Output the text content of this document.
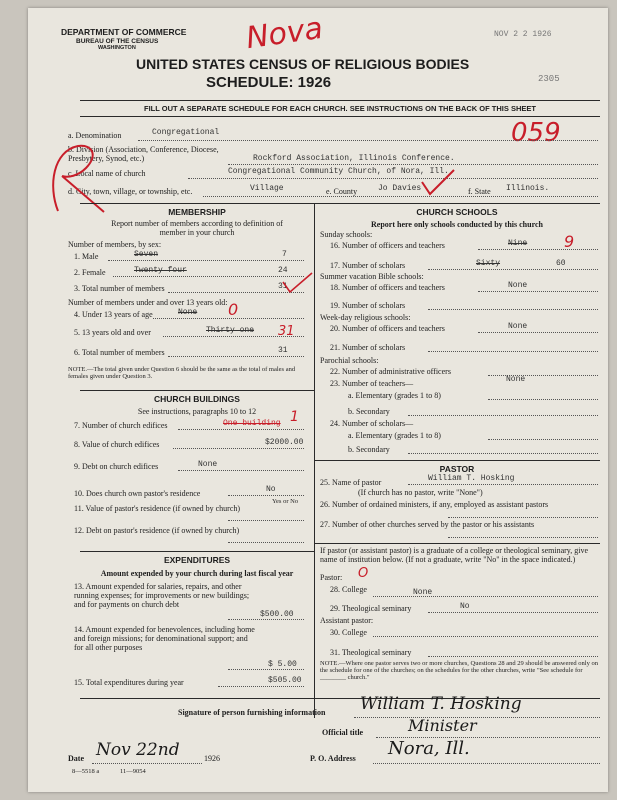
DEPARTMENT OF COMMERCE
BUREAU OF THE CENSUS
WASHINGTON
UNITED STATES CENSUS OF RELIGIOUS BODIES
SCHEDULE: 1926
Nova	NOV 2 2 1926
2305
059
FILL OUT A SEPARATE SCHEDULE FOR EACH CHURCH. SEE INSTRUCTIONS ON THE BACK OF THIS SHEET
a. Denomination	Congregational
b. Division (Association, Conference, Diocese, Presbytery, Synod, etc.)	Rockford Association, Illinois Conference.
c. Local name of church	Congregational Community Church, of Nora, Ill.
d. City, town, village, or township, etc.	Village	e. County	Jo Davies	f. State Illinois.
MEMBERSHIP
Report number of members according to definition of
member in your church
Number of members, by sex:
1. Male	Seven	7
2. Female	Twenty four	24
3. Total number of members	31
Number of members under and over 13 years old:
4. Under 13 years of age	None 0
5. 13 years old and over	Thirty one 31
6. Total number of members	31
NOTE.—The total given under Question 6 should be the same as the total of males and females given under Question 3.
CHURCH BUILDINGS
See instructions, paragraphs 10 to 12
7. Number of church edifices	One building 1
8. Value of church edifices	$2000.00
9. Debt on church edifices	None
10. Does church own pastor's residence	No
Yes or No
11. Value of pastor's residence (if owned by church)
12. Debt on pastor's residence (if owned by church)
EXPENDITURES
Amount expended by your church during last fiscal year
13. Amount expended for salaries, repairs, and other running expenses; for improvements or new buildings; and for payments on church debt
$500.00
14. Amount expended for benevolences, including home and foreign missions; for denominational support; and for all other purposes
$ 5.00
15. Total expenditures during year	$505.00
CHURCH SCHOOLS
Report here only schools conducted by this church
Sunday schools:
16. Number of officers and teachers	Nine 9
17. Number of scholars	Sixty	60
Summer vacation Bible schools:
18. Number of officers and teachers	None
19. Number of scholars
Week-day religious schools:
20. Number of officers and teachers	None
21. Number of scholars
Parochial schools:
22. Number of administrative officers
23. Number of teachers—	None
a. Elementary (grades 1 to 8)
b. Secondary
24. Number of scholars—
a. Elementary (grades 1 to 8)
b. Secondary
PASTOR
25. Name of pastor	William T. Hosking
(If church has no pastor, write "None")
26. Number of ordained ministers, if any, employed as assistant pastors
27. Number of other churches served by the pastor or his assistants
If pastor (or assistant pastor) is a graduate of a college or theological seminary, give name of institution below. (If not a graduate, write "No" in the space indicated.)
Pastor: O
28. College	None
29. Theological seminary	No
Assistant pastor:
30. College
31. Theological seminary
NOTE.—Where one pastor serves two or more churches, Questions 28 and 29 should be answered only on the schedule for one of the churches; on the schedules for the other churches, write "See schedule for ________ church."
Signature of person furnishing information William T. Hosking
Official title	Minister
Date Nov 22nd	1926	P. O. Address Nora, Ill.
8—5518 a	11—9054
